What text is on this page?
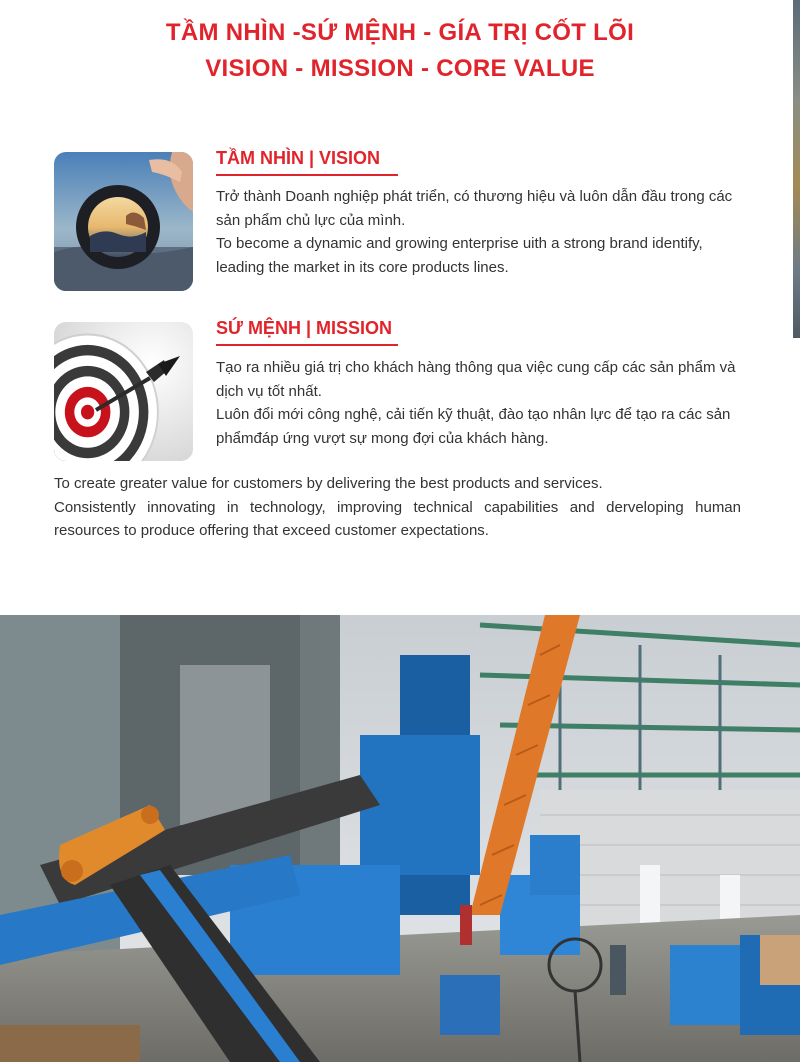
TẦM NHÌN -SỨ MỆNH - GÍA TRỊ CỐT LÕI
VISION - MISSION - CORE VALUE
TẦM NHÌN | VISION

Trở thành Doanh nghiệp phát triển, có thương hiệu và luôn dẫn đầu trong các sản phẩm chủ lực của mình.

To become a dynamic and growing enterprise uith a strong brand identify, leading the market in its core products lines.

SỨ MỆNH | MISSION

Tạo ra nhiều giá trị cho khách hàng thông qua việc cung cấp các sản phẩm và dịch vụ tốt nhất.

Luôn đổi mới công nghệ, cải tiến kỹ thuật, đào tạo nhân lực để tạo ra các sản phẩmđáp ứng vượt sự mong đợi của khách hàng.

To create greater value for customers by delivering the best products and services.

Consistently innovating in technology, improving technical capabilities and derveloping human resources to produce offering that exceed customer expectations.
